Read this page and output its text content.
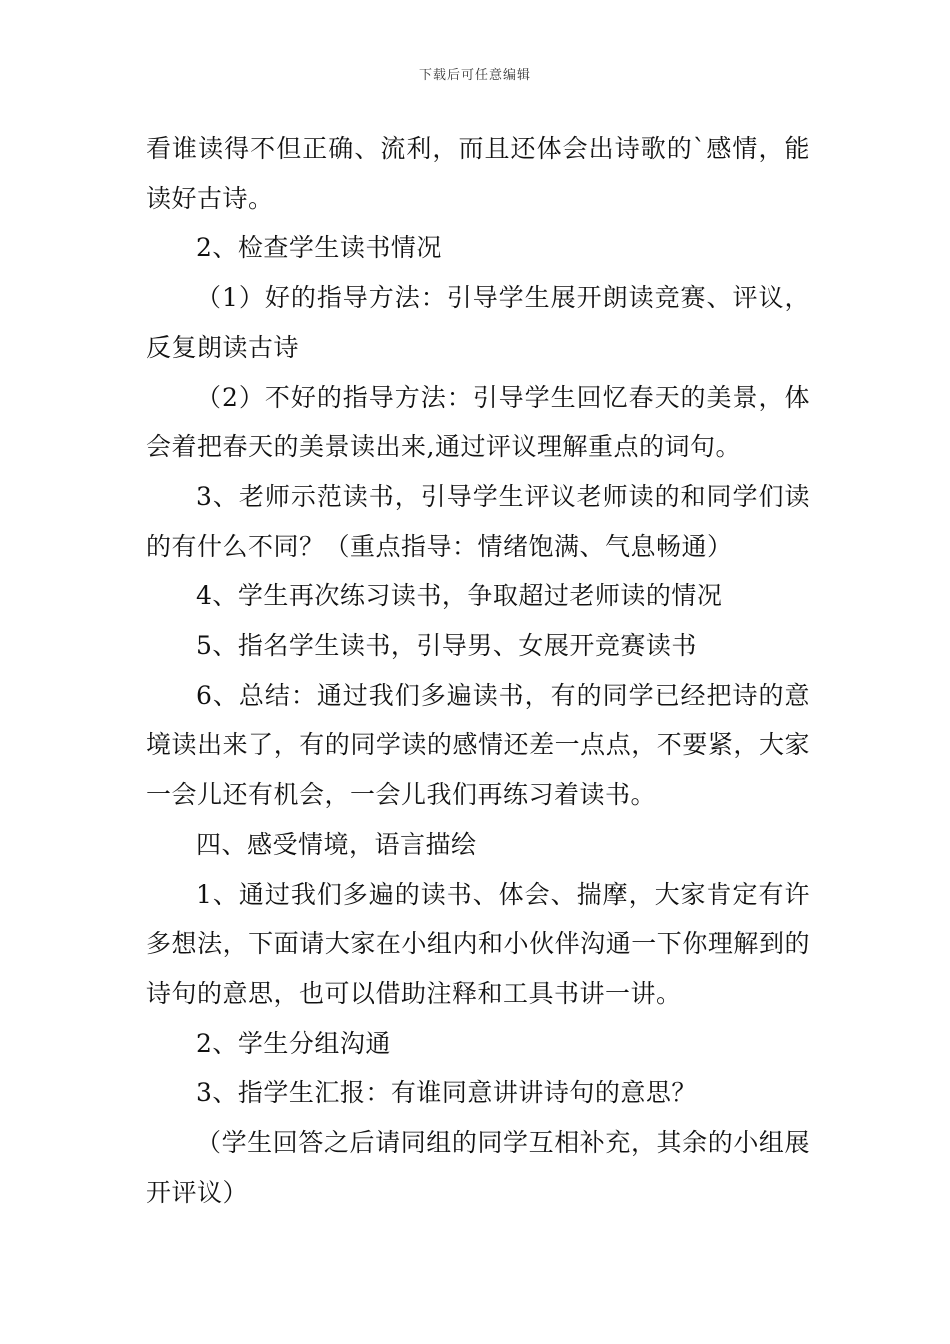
下载后可任意编辑

看谁读得不但正确、流利，而且还体会出诗歌的`感情，能读好古诗。

2、检查学生读书情况

（1）好的指导方法：引导学生展开朗读竞赛、评议，反复朗读古诗

（2）不好的指导方法：引导学生回忆春天的美景，体会着把春天的美景读出来,通过评议理解重点的词句。

3、老师示范读书，引导学生评议老师读的和同学们读的有什么不同？（重点指导：情绪饱满、气息畅通）

4、学生再次练习读书，争取超过老师读的情况

5、指名学生读书，引导男、女展开竞赛读书

6、总结：通过我们多遍读书，有的同学已经把诗的意境读出来了，有的同学读的感情还差一点点，不要紧，大家一会儿还有机会，一会儿我们再练习着读书。

四、感受情境，语言描绘

1、通过我们多遍的读书、体会、揣摩，大家肯定有许多想法，下面请大家在小组内和小伙伴沟通一下你理解到的诗句的意思，也可以借助注释和工具书讲一讲。

2、学生分组沟通

3、指学生汇报：有谁同意讲讲诗句的意思？

（学生回答之后请同组的同学互相补充，其余的小组展开评议）
